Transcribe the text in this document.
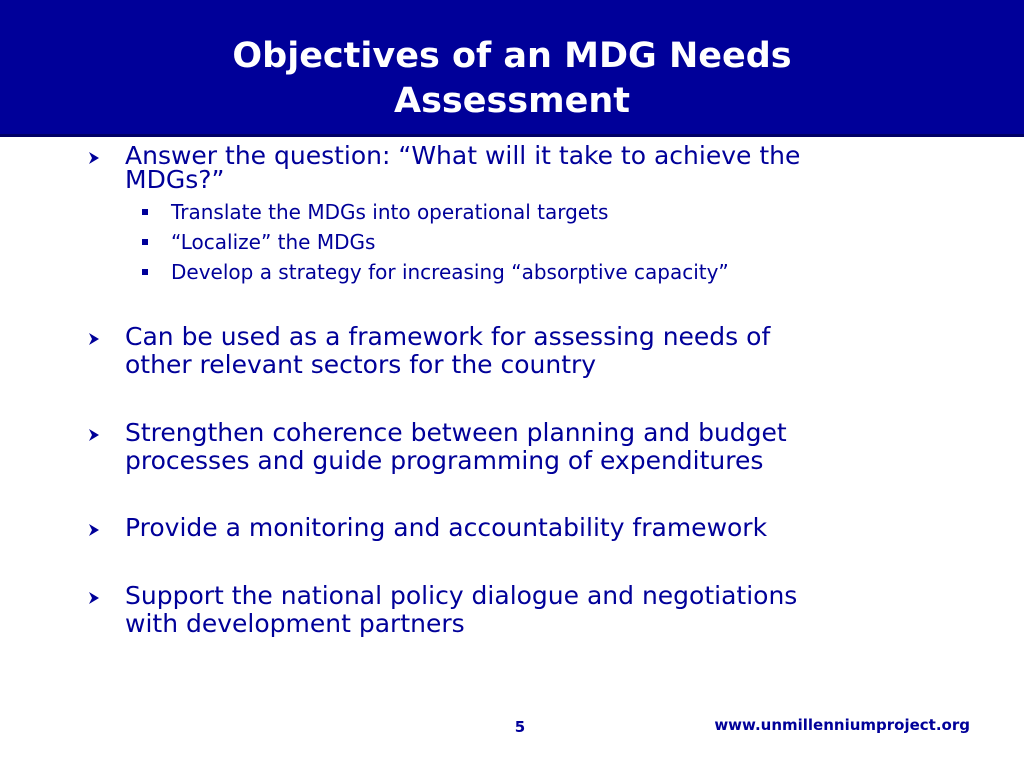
Objectives of an MDG Needs
Assessment
Answer the question: “What will it take to achieve the
MDGs?”
Translate the MDGs into operational targets
“Localize” the MDGs
Develop a strategy for increasing “absorptive capacity”
Can be used as a framework for assessing needs of
other relevant sectors for the country
Strengthen coherence between planning and budget
processes and guide programming of expenditures
Provide a monitoring and accountability framework
Support the national policy dialogue and negotiations
with development partners
5	www.unmillenniumproject.org
